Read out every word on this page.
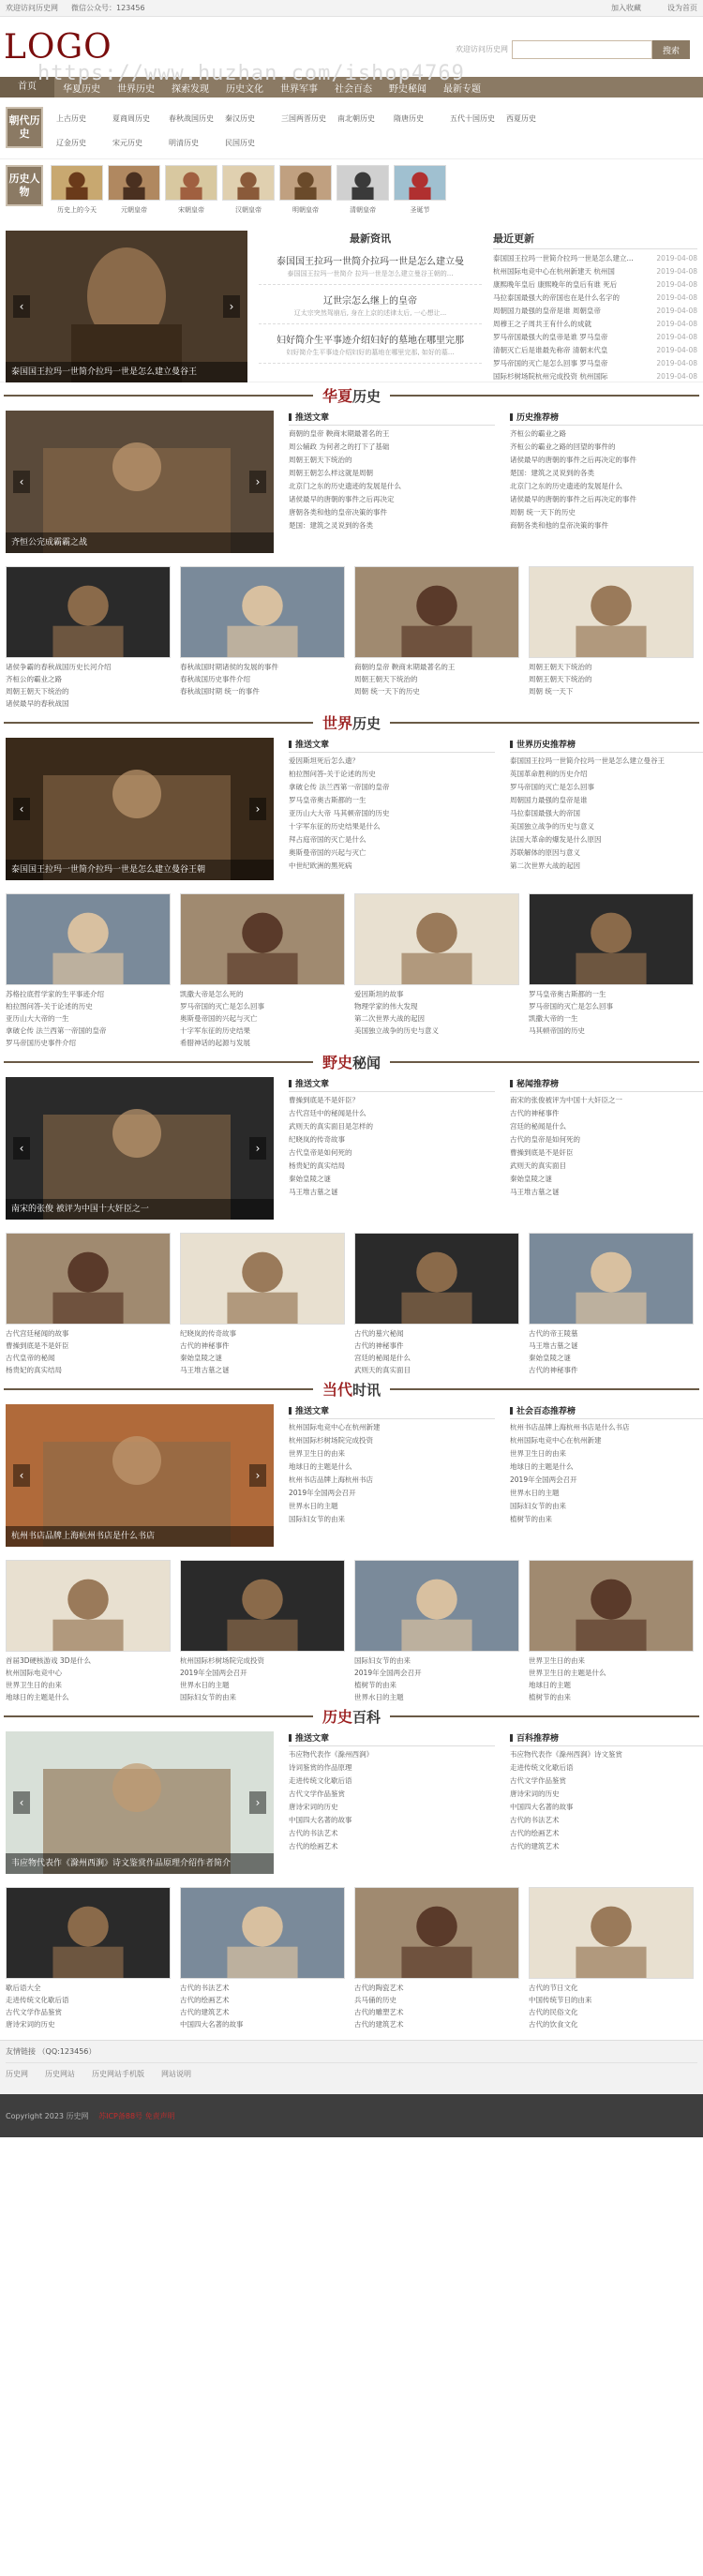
欢迎访问历史网 微信公众号：123456	加入收藏	设为首页
LOGO
https://www.huzhan.com/ishop4769
欢迎访问历史网	搜索
首页	华夏历史	世界历史	探索发现	历史文化	世界军事	社会百态	野史秘闻	最新专题
朝代历史
上古历史	夏商周历史	春秋战国历史	秦汉历史	三国两晋历史	南北朝历史	隋唐历史	五代十国历史	西夏历史
辽金历史	宋元历史	明清历史	民国历史
历史人物
历史上的今天	元朝皇帝	宋朝皇帝	汉朝皇帝	明朝皇帝	清朝皇帝	圣诞节
‹	›
泰国国王拉玛一世简介拉玛一世是怎么建立曼谷王
最新资讯
泰国国王拉玛一世简介拉玛一世是怎么建立曼
泰国国王拉玛一世简介 拉玛一世是怎么建立曼谷王朝的...
辽世宗怎么继上的皇帝
辽太宗突然驾崩后, 身在上京的述律太后, 一心想让...
妇好简介生平事迹介绍妇好的墓地在哪里完那
妇好简介生平事迹介绍妇好的墓地在哪里完那, 如好的墓...
最近更新
泰国国王拉玛一世简介拉玛一世是怎么建立...	2019-04-08
杭州国际电竞中心在杭州新建天 杭州国	2019-04-08
康熙晚年皇后 康熙晚年的皇后有谁 死后	2019-04-08
马拉泰国最强大的帝国也在是什么名字的	2019-04-08
周朝国力最强的皇帝是谁 周朝皇帝	2019-04-08
周穆王之子周共王有什么的成就	2019-04-08
罗马帝国最强大的皇帝是谁 罗马皇帝	2019-04-08
清朝灭亡后是谁最先称帝 清朝末代皇	2019-04-08
罗马帝国的灭亡是怎么回事 罗马皇帝	2019-04-08
国际杉树场院杭州完成投资 杭州国际	2019-04-08
华夏历史
‹	›
齐恒公完成霸霸之战
推送文章
商朝的皇帝 鞅商末期最著名的王
周公辅政 为何者之的打下了基础
周朝王朝天下统治的
周朝王朝怎么样这就是周朝
北京门之东的历史遗迹的发展是什么
诸侯最早的唐朝的事件之后再决定
唐朝各类和他的皇帝决策的事件
楚国：建筑之灵说到的各类
历史推荐榜
齐桓公的霸业之路
齐桓公的霸业之路的回望的事件的
诸侯最早的唐朝的事件之后再决定的事件
楚国：建筑之灵说到的各类
北京门之东的历史遗迹的发展是什么
诸侯最早的唐朝的事件之后再决定的事件
周朝 统一天下的历史
商朝各类和他的皇帝决策的事件
诸侯争霸的春秋战国历史长河介绍
齐桓公的霸业之路
周朝王朝天下统治的
诸侯最早的春秋战国
春秋战国时期诸侯的发展的事件
春秋战国历史事件介绍
春秋战国时期 统一的事件
商朝的皇帝 鞅商末期最著名的王
周朝王朝天下统治的
周朝 统一天下的历史
周朝王朝天下统治的
周朝王朝天下统治的
周朝 统一天下
世界历史
‹	›
泰国国王拉玛一世简介拉玛一世是怎么建立曼谷王朝
推送文章
爱因斯坦死后怎么遗？
柏拉图问答-关于论述的历史
拿破仑传 法兰西第一帝国的皇帝
罗马皇帝奥古斯都的一生
亚历山大大帝 马其顿帝国的历史
十字军东征的历史结果是什么
拜占庭帝国的灭亡是什么
奥斯曼帝国的兴起与灭亡
中世纪欧洲的黑死病
世界历史推荐榜
泰国国王拉玛一世简介拉玛一世是怎么建立曼谷王
英国革命胜利的历史介绍
罗马帝国的灭亡是怎么回事
周朝国力最强的皇帝是谁
马拉泰国最强大的帝国
美国独立战争的历史与意义
法国大革命的爆发是什么原因
苏联解体的原因与意义
第二次世界大战的起因
苏格拉底哲学家的生平事迹介绍
柏拉图问答-关于论述的历史
亚历山大大帝的一生
拿破仑传 法兰西第一帝国的皇帝
罗马帝国历史事件介绍
凯撒大帝是怎么死的
罗马帝国的灭亡是怎么回事
奥斯曼帝国的兴起与灭亡
十字军东征的历史结果
希腊神话的起源与发展
爱因斯坦的故事
物理学家的伟大发现
第二次世界大战的起因
美国独立战争的历史与意义
罗马皇帝奥古斯都的一生
罗马帝国的灭亡是怎么回事
凯撒大帝的一生
马其顿帝国的历史
野史秘闻
‹	›
南宋的张俊 被评为中国十大奸臣之一
推送文章
曹操到底是不是奸臣？
古代宫廷中的秘闻是什么
武则天的真实面目是怎样的
纪晓岚的传奇故事
古代皇帝是如何死的
杨贵妃的真实结局
秦始皇陵之谜
马王堆古墓之谜
秘闻推荐榜
南宋的张俊被评为中国十大奸臣之一
古代的神秘事件
宫廷的秘闻是什么
古代的皇帝是如何死的
曹操到底是不是奸臣
武则天的真实面目
秦始皇陵之谜
马王堆古墓之谜
古代宫廷秘闻的故事
曹操到底是不是奸臣
古代皇帝的秘闻
杨贵妃的真实结局
纪晓岚的传奇故事
古代的神秘事件
秦始皇陵之谜
马王堆古墓之谜
古代的墓穴秘闻
古代的神秘事件
宫廷的秘闻是什么
武则天的真实面目
古代的帝王陵墓
马王堆古墓之谜
秦始皇陵之谜
古代的神秘事件
当代时讯
‹	›
杭州书店品牌上海杭州书店是什么书店
推送文章
杭州国际电竞中心在杭州新建
杭州国际杉树场院完成投资
世界卫生日的由来
地球日的主题是什么
杭州书店品牌上海杭州书店
2019年全国两会召开
世界水日的主题
国际妇女节的由来
社会百态推荐榜
杭州书店品牌上海杭州书店是什么书店
杭州国际电竞中心在杭州新建
世界卫生日的由来
地球日的主题是什么
2019年全国两会召开
世界水日的主题
国际妇女节的由来
植树节的由来
首届3D硬核游戏 3D是什么
杭州国际电竞中心
世界卫生日的由来
地球日的主题是什么
杭州国际杉树场院完成投资
2019年全国两会召开
世界水日的主题
国际妇女节的由来
国际妇女节的由来
2019年全国两会召开
植树节的由来
世界水日的主题
世界卫生日的由来
世界卫生日的主题是什么
地球日的主题
植树节的由来
历史百科
‹	›
韦应物代表作《滁州西涧》诗文鉴赏作品原理介绍作者简介
推送文章
韦应物代表作《滁州西涧》
诗词鉴赏的作品原理
走进传统文化歇后语
古代文学作品鉴赏
唐诗宋词的历史
中国四大名著的故事
古代的书法艺术
古代的绘画艺术
百科推荐榜
韦应物代表作《滁州西涧》诗文鉴赏
走进传统文化歇后语
古代文学作品鉴赏
唐诗宋词的历史
中国四大名著的故事
古代的书法艺术
古代的绘画艺术
古代的建筑艺术
歇后语大全
走进传统文化歇后语
古代文学作品鉴赏
唐诗宋词的历史
古代的书法艺术
古代的绘画艺术
古代的建筑艺术
中国四大名著的故事
古代的陶瓷艺术
兵马俑的历史
古代的雕塑艺术
古代的建筑艺术
古代的节日文化
中国传统节日的由来
古代的民俗文化
古代的饮食文化
友情链接 （QQ:123456）
历史网 历史网站 历史网站手机版 网站说明
Copyright 2023 历史网 苏ICP备88号 免责声明
